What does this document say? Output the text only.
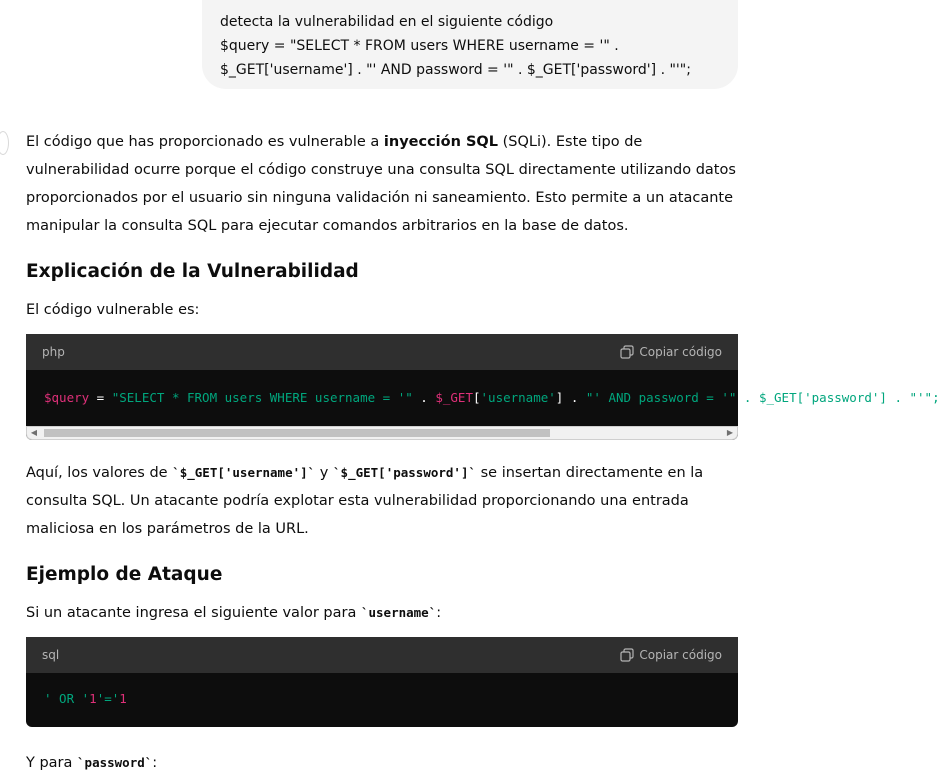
detecta la vulnerabilidad en el siguiente código
$query = "SELECT * FROM users WHERE username = '" .
$_GET['username'] . "' AND password = '" . $_GET['password'] . "'";

El código que has proporcionado es vulnerable a inyección SQL (SQLi). Este tipo de vulnerabilidad ocurre porque el código construye una consulta SQL directamente utilizando datos proporcionados por el usuario sin ninguna validación ni saneamiento. Esto permite a un atacante manipular la consulta SQL para ejecutar comandos arbitrarios en la base de datos.

Explicación de la Vulnerabilidad

El código vulnerable es:

php	Copiar código
$query = "SELECT * FROM users WHERE username = '" . $_GET['username'] . "' AND password = '" . $_GET['password'] . "'";
◀	▶

Aquí, los valores de `$_GET['username']` y `$_GET['password']` se insertan directamente en la consulta SQL. Un atacante podría explotar esta vulnerabilidad proporcionando una entrada maliciosa en los parámetros de la URL.

Ejemplo de Ataque

Si un atacante ingresa el siguiente valor para `username`:

sql	Copiar código
' OR '1'='1

Y para `password`:
